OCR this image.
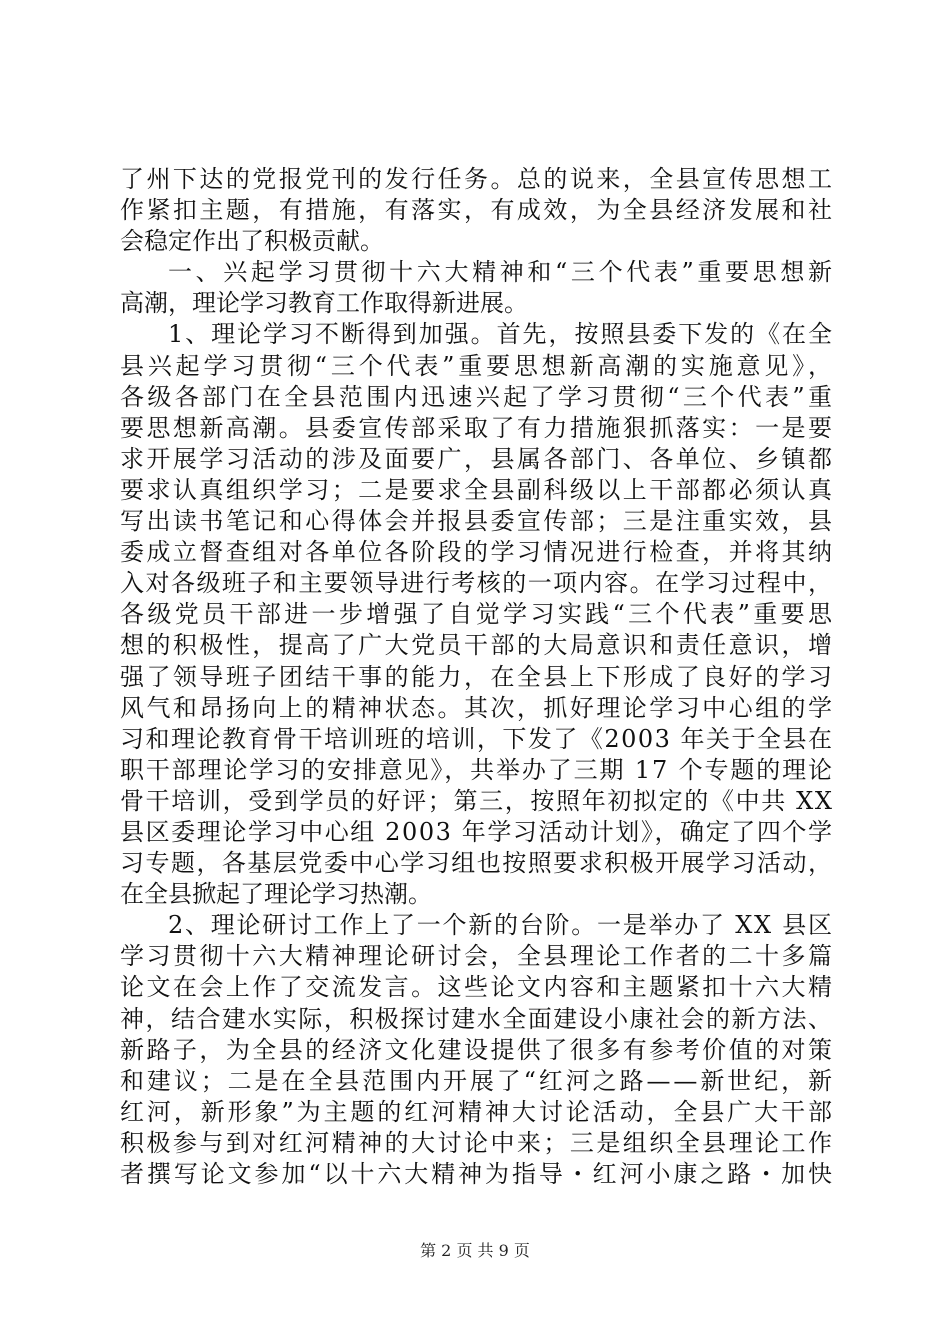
了州下达的党报党刊的发行任务。总的说来，全县宣传思想工
作紧扣主题，有措施，有落实，有成效，为全县经济发展和社
会稳定作出了积极贡献。
一、兴起学习贯彻十六大精神和“三个代表”重要思想新
高潮，理论学习教育工作取得新进展。
1、理论学习不断得到加强。首先，按照县委下发的《在全
县兴起学习贯彻“三个代表”重要思想新高潮的实施意见》，
各级各部门在全县范围内迅速兴起了学习贯彻“三个代表”重
要思想新高潮。县委宣传部采取了有力措施狠抓落实：一是要
求开展学习活动的涉及面要广，县属各部门、各单位、乡镇都
要求认真组织学习；二是要求全县副科级以上干部都必须认真
写出读书笔记和心得体会并报县委宣传部；三是注重实效，县
委成立督查组对各单位各阶段的学习情况进行检查，并将其纳
入对各级班子和主要领导进行考核的一项内容。在学习过程中，
各级党员干部进一步增强了自觉学习实践“三个代表”重要思
想的积极性，提高了广大党员干部的大局意识和责任意识，增
强了领导班子团结干事的能力，在全县上下形成了良好的学习
风气和昂扬向上的精神状态。其次，抓好理论学习中心组的学
习和理论教育骨干培训班的培训，下发了《2003 年关于全县在
职干部理论学习的安排意见》，共举办了三期 17 个专题的理论
骨干培训，受到学员的好评；第三，按照年初拟定的《中共 XX
县区委理论学习中心组 2003 年学习活动计划》，确定了四个学
习专题，各基层党委中心学习组也按照要求积极开展学习活动，
在全县掀起了理论学习热潮。
2、理论研讨工作上了一个新的台阶。一是举办了 XX 县区
学习贯彻十六大精神理论研讨会，全县理论工作者的二十多篇
论文在会上作了交流发言。这些论文内容和主题紧扣十六大精
神，结合建水实际，积极探讨建水全面建设小康社会的新方法、
新路子，为全县的经济文化建设提供了很多有参考价值的对策
和建议；二是在全县范围内开展了“红河之路——新世纪，新
红河，新形象”为主题的红河精神大讨论活动，全县广大干部
积极参与到对红河精神的大讨论中来；三是组织全县理论工作
者撰写论文参加“以十六大精神为指导・红河小康之路・加快
第 2 页 共 9 页
